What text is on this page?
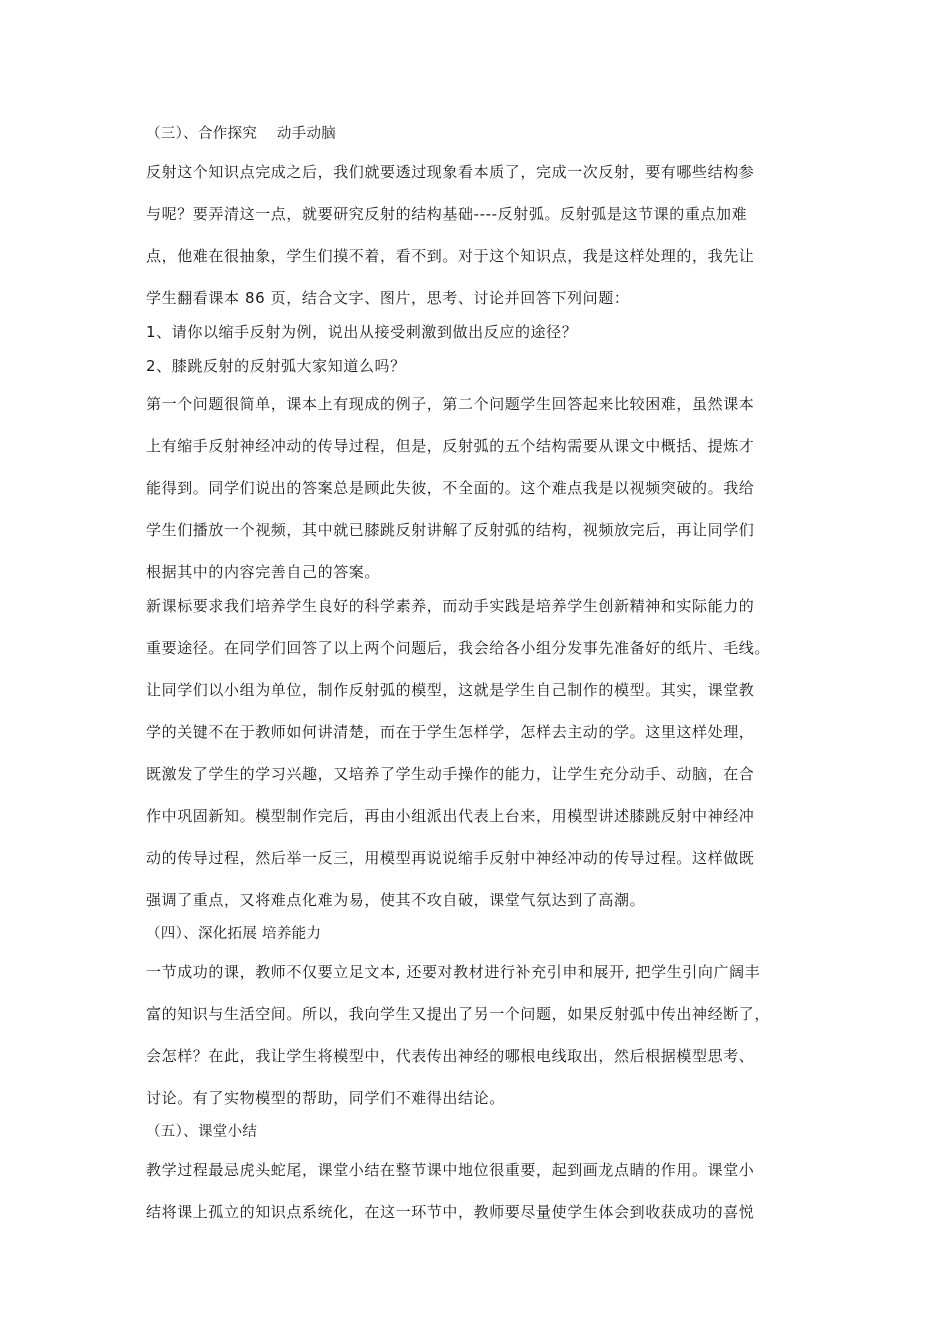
（三）、合作探究　 动手动脑
反射这个知识点完成之后，我们就要透过现象看本质了，完成一次反射，要有哪些结构参
与呢？要弄清这一点，就要研究反射的结构基础----反射弧。反射弧是这节课的重点加难
点，他难在很抽象，学生们摸不着，看不到。对于这个知识点，我是这样处理的，我先让
学生翻看课本 86 页，结合文字、图片，思考、讨论并回答下列问题：
1、请你以缩手反射为例，说出从接受刺激到做出反应的途径？
2、膝跳反射的反射弧大家知道么吗？
第一个问题很简单，课本上有现成的例子，第二个问题学生回答起来比较困难，虽然课本
上有缩手反射神经冲动的传导过程，但是，反射弧的五个结构需要从课文中概括、提炼才
能得到。同学们说出的答案总是顾此失彼，不全面的。这个难点我是以视频突破的。我给
学生们播放一个视频，其中就已膝跳反射讲解了反射弧的结构，视频放完后，再让同学们
根据其中的内容完善自己的答案。
新课标要求我们培养学生良好的科学素养，而动手实践是培养学生创新精神和实际能力的
重要途径。在同学们回答了以上两个问题后，我会给各小组分发事先准备好的纸片、毛线。
让同学们以小组为单位，制作反射弧的模型，这就是学生自己制作的模型。其实，课堂教
学的关键不在于教师如何讲清楚，而在于学生怎样学，怎样去主动的学。这里这样处理，
既激发了学生的学习兴趣，又培养了学生动手操作的能力，让学生充分动手、动脑，在合
作中巩固新知。模型制作完后，再由小组派出代表上台来，用模型讲述膝跳反射中神经冲
动的传导过程，然后举一反三，用模型再说说缩手反射中神经冲动的传导过程。这样做既
强调了重点，又将难点化难为易，使其不攻自破，课堂气氛达到了高潮。
（四）、深化拓展 培养能力
一节成功的课，教师不仅要立足文本, 还要对教材进行补充引申和展开, 把学生引向广阔丰
富的知识与生活空间。所以，我向学生又提出了另一个问题，如果反射弧中传出神经断了，
会怎样？在此，我让学生将模型中，代表传出神经的哪根电线取出，然后根据模型思考、
讨论。有了实物模型的帮助，同学们不难得出结论。
（五）、课堂小结
教学过程最忌虎头蛇尾，课堂小结在整节课中地位很重要，起到画龙点睛的作用。课堂小
结将课上孤立的知识点系统化，在这一环节中，教师要尽量使学生体会到收获成功的喜悦
